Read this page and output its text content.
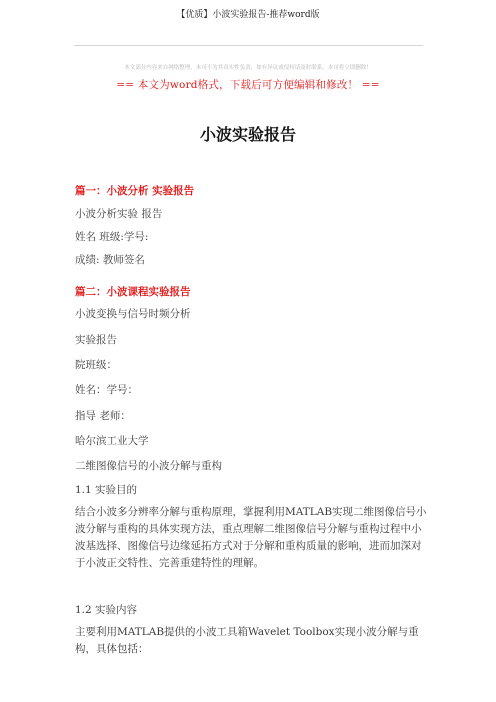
【优质】小波实验报告-推荐word版
本文部分内容来自网络整理，本司不为其真实性负责，如有异议或侵权请及时联系，本司将立即删除！
== 本文为word格式，下载后可方便编辑和修改！ ==
小波实验报告
篇一：小波分析 实验报告
小波分析实验 报告
姓名 班级:学号:
成绩: 教师签名
篇二：小波课程实验报告
小波变换与信号时频分析
实验报告
院班级：
姓名：学号：
指导 老师：
哈尔滨工业大学
二维图像信号的小波分解与重构
1.1 实验目的
结合小波多分辨率分解与重构原理，掌握利用MATLAB实现二维图像信号小波分解与重构的具体实现方法，重点理解二维图像信号分解与重构过程中小波基选择、图像信号边缘延拓方式对于分解和重构质量的影响，进而加深对于小波正交特性、完善重建特性的理解。
1.2 实验内容
主要利用MATLAB提供的小波工具箱Wavelet Toolbox实现小波分解与重构，具体包括：
